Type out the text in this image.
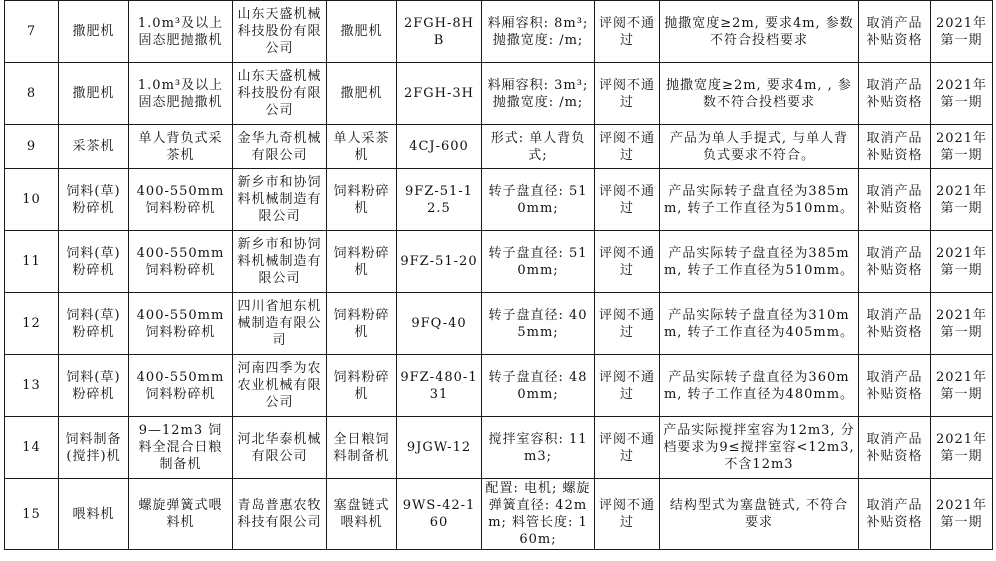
7	撒肥机	1.0m³及以上固态肥抛撒机	山东天盛机械科技股份有限公司	撒肥机	2FGH-8HB	料厢容积: 8m³; 抛撒宽度: /m;	评阅不通过	抛撒宽度≥2m, 要求4m, 参数不符合投档要求	取消产品补贴资格	2021年第一期
8	撒肥机	1.0m³及以上固态肥抛撒机	山东天盛机械科技股份有限公司	撒肥机	2FGH-3H	料厢容积: 3m³; 抛撒宽度: /m;	评阅不通过	抛撒宽度≥2m, 要求4m, , 参数不符合投档要求	取消产品补贴资格	2021年第一期
9	采茶机	单人背负式采茶机	金华九奇机械有限公司	单人采茶机	4CJ-600	形式: 单人背负式;	评阅不通过	产品为单人手提式, 与单人背负式要求不符合。	取消产品补贴资格	2021年第一期
10	饲料(草)粉碎机	400-550mm 饲料粉碎机	新乡市和协饲料机械制造有限公司	饲料粉碎机	9FZ-51-12.5	转子盘直径: 510mm;	评阅不通过	产品实际转子盘直径为385mm, 转子工作直径为510mm。	取消产品补贴资格	2021年第一期
11	饲料(草)粉碎机	400-550mm 饲料粉碎机	新乡市和协饲料机械制造有限公司	饲料粉碎机	9FZ-51-20	转子盘直径: 510mm;	评阅不通过	产品实际转子盘直径为385mm, 转子工作直径为510mm。	取消产品补贴资格	2021年第一期
12	饲料(草)粉碎机	400-550mm 饲料粉碎机	四川省旭东机械制造有限公司	饲料粉碎机	9FQ-40	转子盘直径: 405mm;	评阅不通过	产品实际转子盘直径为310mm, 转子工作直径为405mm。	取消产品补贴资格	2021年第一期
13	饲料(草)粉碎机	400-550mm 饲料粉碎机	河南四季为农农业机械有限公司	饲料粉碎机	9FZ-480-131	转子盘直径: 480mm;	评阅不通过	产品实际转子盘直径为360mm, 转子工作直径为480mm。	取消产品补贴资格	2021年第一期
14	饲料制备(搅拌)机	9—12m3 饲料全混合日粮制备机	河北华泰机械有限公司	全日粮饲料制备机	9JGW-12	搅拌室容积: 11m3;	评阅不通过	产品实际搅拌室容为12m3, 分档要求为9≤搅拌室容<12m3, 不含12m3	取消产品补贴资格	2021年第一期
15	喂料机	螺旋弹簧式喂料机	青岛普惠农牧科技有限公司	塞盘链式喂料机	9WS-42-160	配置: 电机; 螺旋弹簧直径: 42mm; 料管长度: 160m;	评阅不通过	结构型式为塞盘链式, 不符合要求	取消产品补贴资格	2021年第一期
